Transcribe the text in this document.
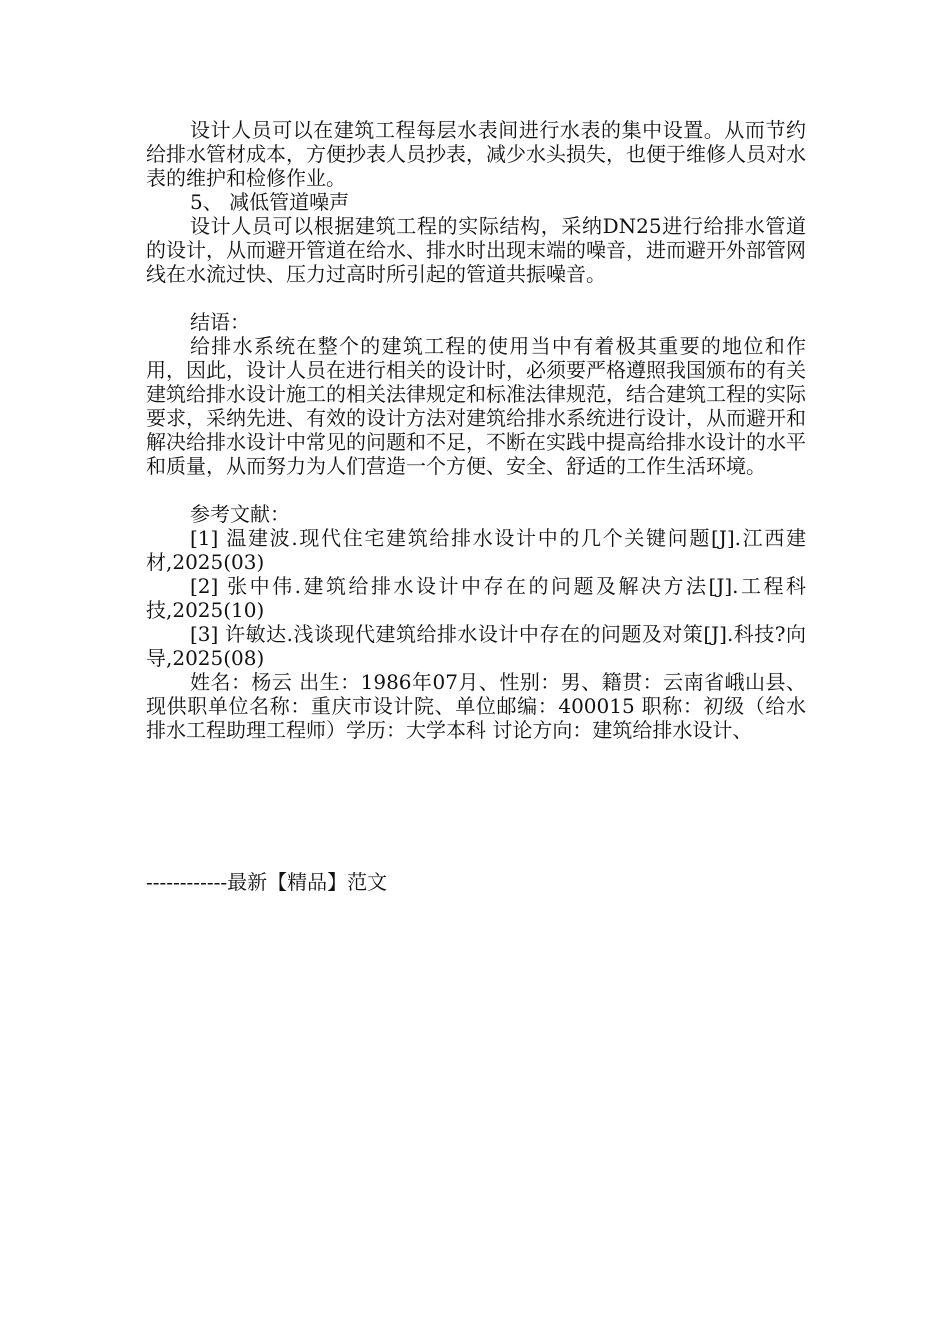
设计人员可以在建筑工程每层水表间进行水表的集中设置。从而节约给排水管材成本，方便抄表人员抄表，减少水头损失，也便于维修人员对水表的维护和检修作业。

5、 减低管道噪声

设计人员可以根据建筑工程的实际结构，采纳DN25进行给排水管道的设计，从而避开管道在给水、排水时出现末端的噪音，进而避开外部管网线在水流过快、压力过高时所引起的管道共振噪音。

结语：

给排水系统在整个的建筑工程的使用当中有着极其重要的地位和作用，因此，设计人员在进行相关的设计时，必须要严格遵照我国颁布的有关建筑给排水设计施工的相关法律规定和标准法律规范，结合建筑工程的实际要求，采纳先进、有效的设计方法对建筑给排水系统进行设计，从而避开和解决给排水设计中常见的问题和不足，不断在实践中提高给排水设计的水平和质量，从而努力为人们营造一个方便、安全、舒适的工作生活环境。

参考文献：

[1] 温建波.现代住宅建筑给排水设计中的几个关键问题[J].江西建材,2025(03)

[2] 张中伟.建筑给排水设计中存在的问题及解决方法[J].工程科技,2025(10)

[3] 许敏达.浅谈现代建筑给排水设计中存在的问题及对策[J].科技?向导,2025(08)

姓名：杨云 出生：1986年07月、性别：男、籍贯：云南省峨山县、现供职单位名称：重庆市设计院、单位邮编：400015 职称：初级（给水排水工程助理工程师）学历：大学本科 讨论方向：建筑给排水设计、

------------最新【精品】范文
